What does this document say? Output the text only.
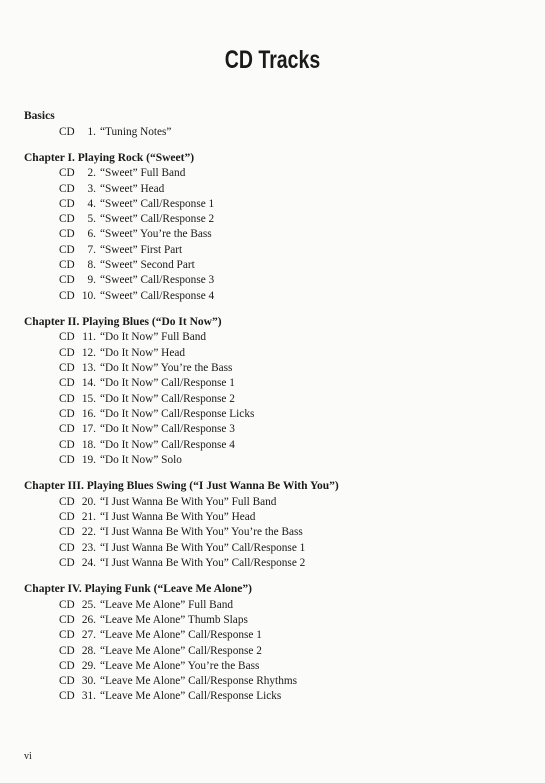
CD Tracks
Basics
CD 1. “Tuning Notes”
Chapter I. Playing Rock (“Sweet”)
CD 2. “Sweet” Full Band
CD 3. “Sweet” Head
CD 4. “Sweet” Call/Response 1
CD 5. “Sweet” Call/Response 2
CD 6. “Sweet” You’re the Bass
CD 7. “Sweet” First Part
CD 8. “Sweet” Second Part
CD 9. “Sweet” Call/Response 3
CD 10. “Sweet” Call/Response 4
Chapter II. Playing Blues (“Do It Now”)
CD 11. “Do It Now” Full Band
CD 12. “Do It Now” Head
CD 13. “Do It Now” You’re the Bass
CD 14. “Do It Now” Call/Response 1
CD 15. “Do It Now” Call/Response 2
CD 16. “Do It Now” Call/Response Licks
CD 17. “Do It Now” Call/Response 3
CD 18. “Do It Now” Call/Response 4
CD 19. “Do It Now” Solo
Chapter III. Playing Blues Swing (“I Just Wanna Be With You”)
CD 20. “I Just Wanna Be With You” Full Band
CD 21. “I Just Wanna Be With You” Head
CD 22. “I Just Wanna Be With You” You’re the Bass
CD 23. “I Just Wanna Be With You” Call/Response 1
CD 24. “I Just Wanna Be With You” Call/Response 2
Chapter IV. Playing Funk (“Leave Me Alone”)
CD 25. “Leave Me Alone” Full Band
CD 26. “Leave Me Alone” Thumb Slaps
CD 27. “Leave Me Alone” Call/Response 1
CD 28. “Leave Me Alone” Call/Response 2
CD 29. “Leave Me Alone” You’re the Bass
CD 30. “Leave Me Alone” Call/Response Rhythms
CD 31. “Leave Me Alone” Call/Response Licks
vi
